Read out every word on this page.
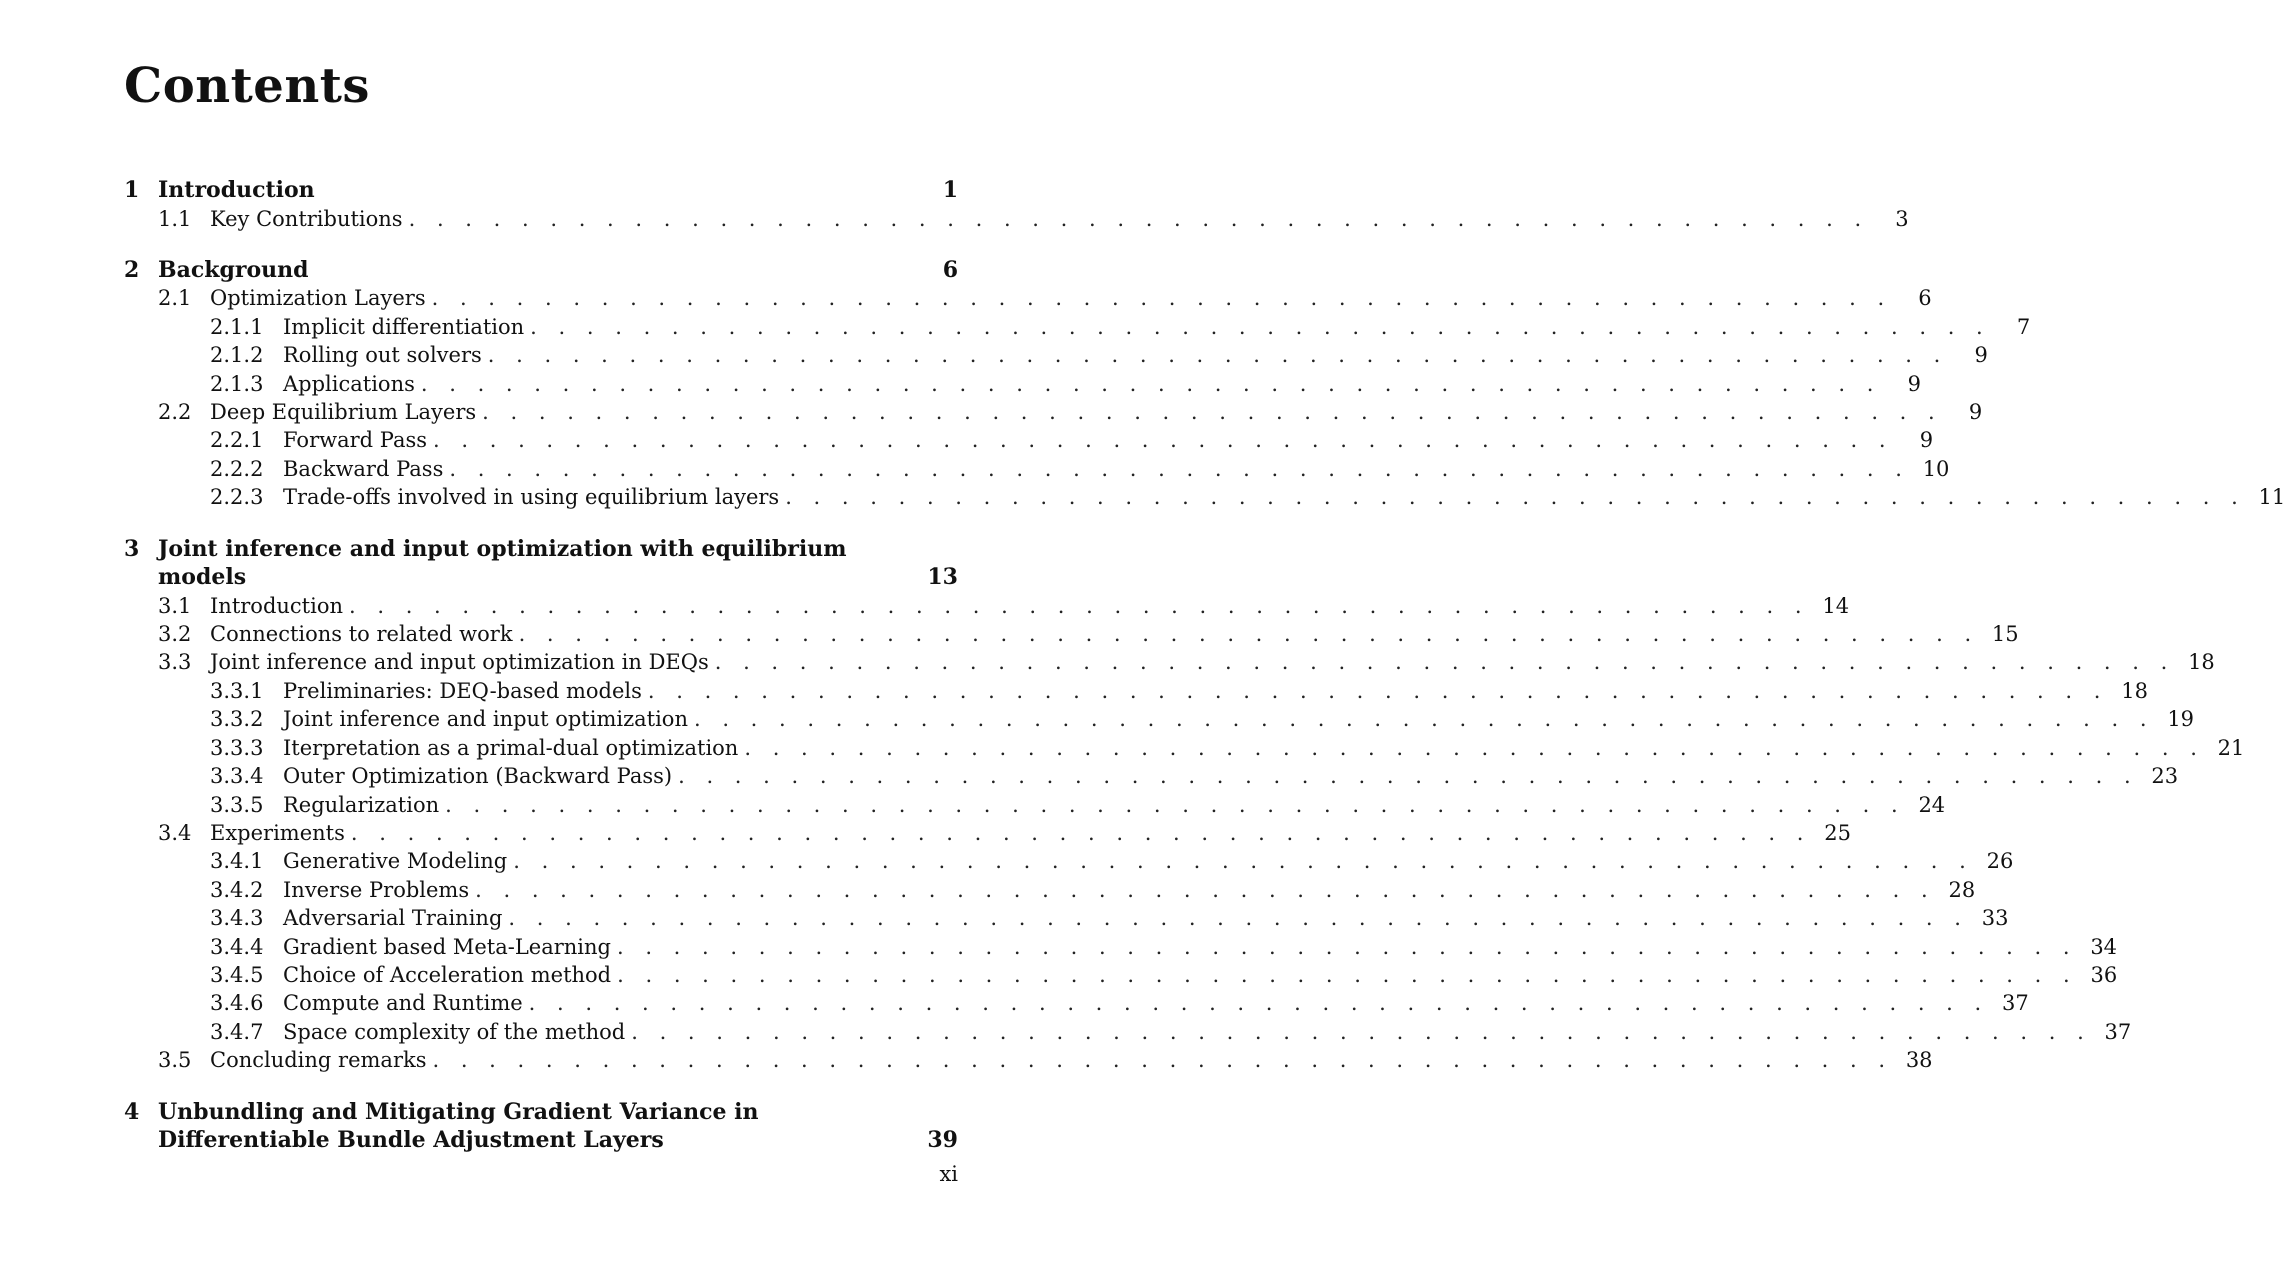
Contents
1 Introduction	1
1.1 Key Contributions . . . . . . . . . . . . . . . . . . . . . . . . . . . . . . . . . . . . . . . . . . . . . . . . . . . .	3
2 Background	6
2.1 Optimization Layers . . . . . . . . . . . . . . . . . . . . . . . . . . . . . . . . . . . . . . . . . . . . . . . . . . . .	6
2.1.1 Implicit differentiation . . . . . . . . . . . . . . . . . . . . . . . . . . . . . . . . . . . . . . . . . . . . . . . . . . . .	7
2.1.2 Rolling out solvers . . . . . . . . . . . . . . . . . . . . . . . . . . . . . . . . . . . . . . . . . . . . . . . . . . . .	9
2.1.3 Applications . . . . . . . . . . . . . . . . . . . . . . . . . . . . . . . . . . . . . . . . . . . . . . . . . . . .	9
2.2 Deep Equilibrium Layers . . . . . . . . . . . . . . . . . . . . . . . . . . . . . . . . . . . . . . . . . . . . . . . . . . . .	9
2.2.1 Forward Pass . . . . . . . . . . . . . . . . . . . . . . . . . . . . . . . . . . . . . . . . . . . . . . . . . . . .	9
2.2.2 Backward Pass . . . . . . . . . . . . . . . . . . . . . . . . . . . . . . . . . . . . . . . . . . . . . . . . . . . . 10
2.2.3 Trade-offs involved in using equilibrium layers . . . . . . . . . . . . . . . . . . . . . . . . . . . . . . . . . . . . . . . . . . . . . . . . . . . . 11
3 Joint inference and input optimization with equilibrium models	13
3.1 Introduction . . . . . . . . . . . . . . . . . . . . . . . . . . . . . . . . . . . . . . . . . . . . . . . . . . . . 14
3.2 Connections to related work . . . . . . . . . . . . . . . . . . . . . . . . . . . . . . . . . . . . . . . . . . . . . . . . . . . . 15
3.3 Joint inference and input optimization in DEQs . . . . . . . . . . . . . . . . . . . . . . . . . . . . . . . . . . . . . . . . . . . . . . . . . . . . 18
3.3.1 Preliminaries: DEQ-based models . . . . . . . . . . . . . . . . . . . . . . . . . . . . . . . . . . . . . . . . . . . . . . . . . . . . 18
3.3.2 Joint inference and input optimization . . . . . . . . . . . . . . . . . . . . . . . . . . . . . . . . . . . . . . . . . . . . . . . . . . . . 19
3.3.3 Iterpretation as a primal-dual optimization . . . . . . . . . . . . . . . . . . . . . . . . . . . . . . . . . . . . . . . . . . . . . . . . . . . . 21
3.3.4 Outer Optimization (Backward Pass) . . . . . . . . . . . . . . . . . . . . . . . . . . . . . . . . . . . . . . . . . . . . . . . . . . . . 23
3.3.5 Regularization . . . . . . . . . . . . . . . . . . . . . . . . . . . . . . . . . . . . . . . . . . . . . . . . . . . . 24
3.4 Experiments . . . . . . . . . . . . . . . . . . . . . . . . . . . . . . . . . . . . . . . . . . . . . . . . . . . . 25
3.4.1 Generative Modeling . . . . . . . . . . . . . . . . . . . . . . . . . . . . . . . . . . . . . . . . . . . . . . . . . . . . 26
3.4.2 Inverse Problems . . . . . . . . . . . . . . . . . . . . . . . . . . . . . . . . . . . . . . . . . . . . . . . . . . . . 28
3.4.3 Adversarial Training . . . . . . . . . . . . . . . . . . . . . . . . . . . . . . . . . . . . . . . . . . . . . . . . . . . . 33
3.4.4 Gradient based Meta-Learning . . . . . . . . . . . . . . . . . . . . . . . . . . . . . . . . . . . . . . . . . . . . . . . . . . . . 34
3.4.5 Choice of Acceleration method . . . . . . . . . . . . . . . . . . . . . . . . . . . . . . . . . . . . . . . . . . . . . . . . . . . . 36
3.4.6 Compute and Runtime . . . . . . . . . . . . . . . . . . . . . . . . . . . . . . . . . . . . . . . . . . . . . . . . . . . . 37
3.4.7 Space complexity of the method . . . . . . . . . . . . . . . . . . . . . . . . . . . . . . . . . . . . . . . . . . . . . . . . . . . . 37
3.5 Concluding remarks . . . . . . . . . . . . . . . . . . . . . . . . . . . . . . . . . . . . . . . . . . . . . . . . . . . . 38
4 Unbundling and Mitigating Gradient Variance in Differentiable Bundle Adjustment Layers	39
xi
